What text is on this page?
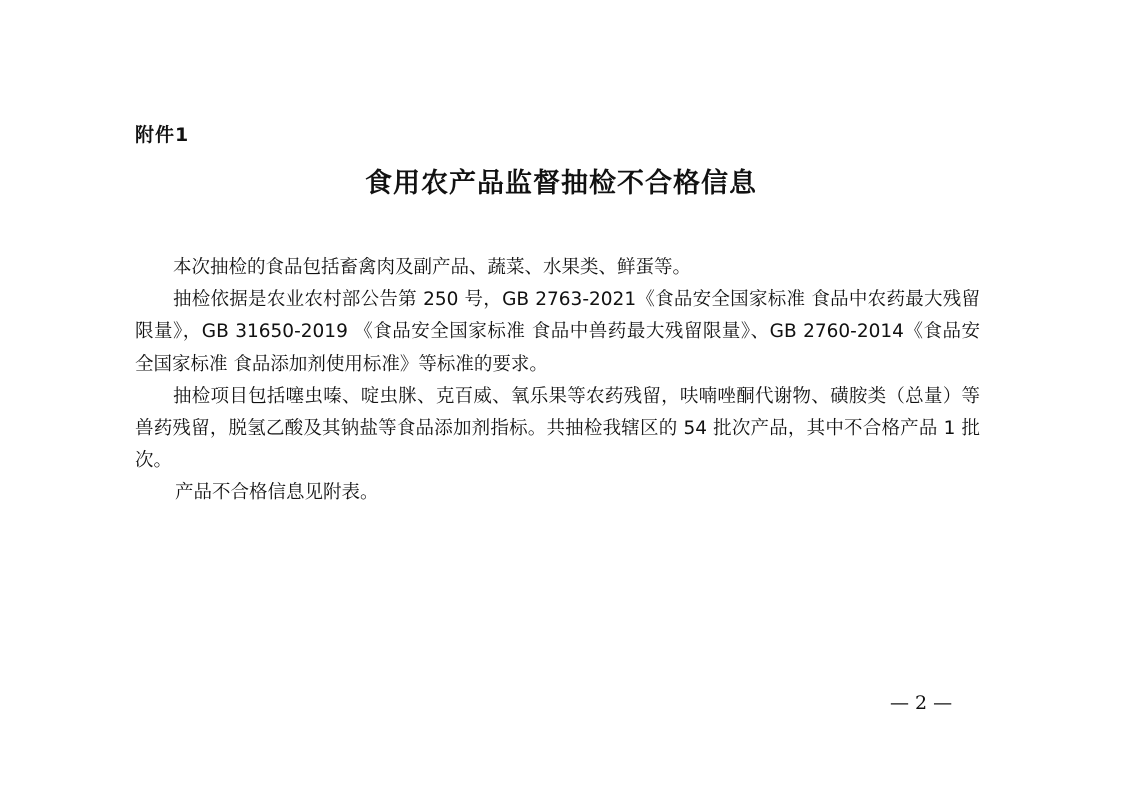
附件1
食用农产品监督抽检不合格信息

本次抽检的食品包括畜禽肉及副产品、蔬菜、水果类、鲜蛋等。

抽检依据是农业农村部公告第 250 号，GB 2763-2021《食品安全国家标准 食品中农药最大残留限量》，GB 31650-2019 《食品安全国家标准 食品中兽药最大残留限量》、GB 2760-2014《食品安全国家标准 食品添加剂使用标准》等标准的要求。

抽检项目包括噻虫嗪、啶虫脒、克百威、氧乐果等农药残留，呋喃唑酮代谢物、磺胺类（总量）等兽药残留，脱氢乙酸及其钠盐等食品添加剂指标。共抽检我辖区的 54 批次产品，其中不合格产品 1 批次。

产品不合格信息见附表。

— 2 —
